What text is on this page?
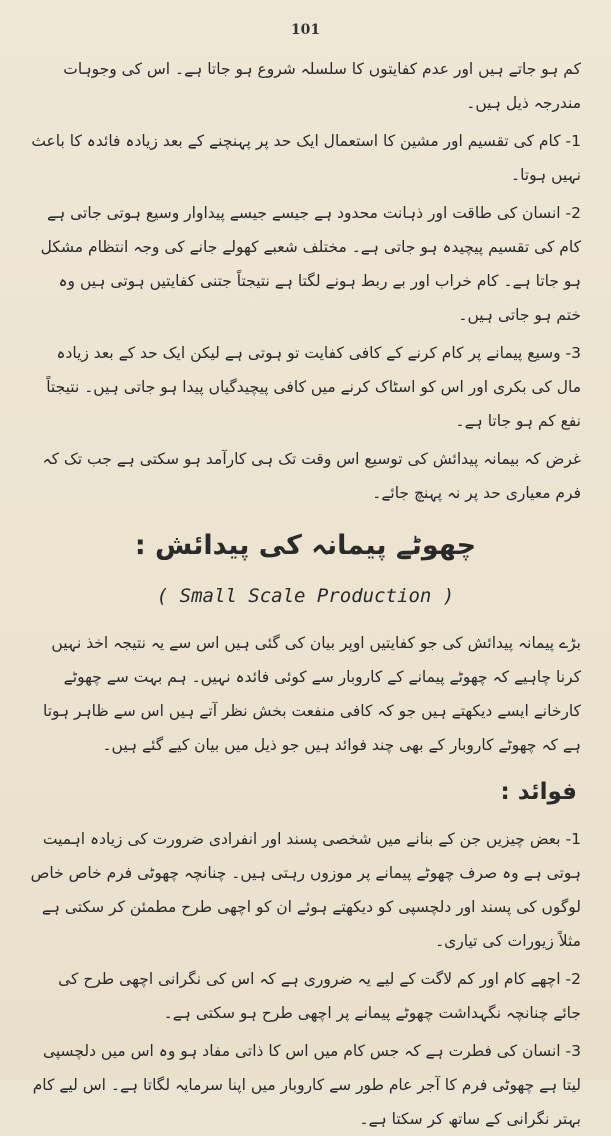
101

کم ہو جاتے ہیں اور عدم کفایتوں کا سلسلہ شروع ہو جاتا ہے۔ اس کی وجوہات مندرجہ ذیل ہیں۔

1- کام کی تقسیم اور مشین کا استعمال ایک حد پر پہنچنے کے بعد زیادہ فائدہ کا باعث نہیں ہوتا۔

2- انسان کی طاقت اور ذہانت محدود ہے جیسے جیسے پیداوار وسیع ہوتی جاتی ہے کام کی تقسیم پیچیدہ ہو جاتی ہے۔ مختلف شعبے کھولے جانے کی وجہ انتظام مشکل ہو جاتا ہے۔ کام خراب اور بے ربط ہونے لگتا ہے نتیجتاً جتنی کفایتیں ہوتی ہیں وہ ختم ہو جاتی ہیں۔

3- وسیع پیمانے پر کام کرنے کے کافی کفایت تو ہوتی ہے لیکن ایک حد کے بعد زیادہ مال کی بکری اور اس کو اسٹاک کرنے میں کافی پیچیدگیاں پیدا ہو جاتی ہیں۔ نتیجتاً نفع کم ہو جاتا ہے۔

غرض کہ بیمانہ پیدائش کی توسیع اس وقت تک ہی کارآمد ہو سکتی ہے جب تک کہ فرم معیاری حد پر نہ پہنچ جائے۔

چھوٹے پیمانہ کی پیدائش :
( Small Scale Production )

بڑے پیمانہ پیدائش کی جو کفایتیں اوپر بیان کی گئی ہیں اس سے یہ نتیجہ اخذ نہیں کرنا چاہیے کہ چھوٹے پیمانے کے کاروبار سے کوئی فائدہ نہیں۔ ہم بہت سے چھوٹے کارخانے ایسے دیکھتے ہیں جو کہ کافی منفعت بخش نظر آتے ہیں اس سے ظاہر ہوتا ہے کہ چھوٹے کاروبار کے بھی چند فوائد ہیں جو ذیل میں بیان کیے گئے ہیں۔

فوائد :

1- بعض چیزیں جن کے بنانے میں شخصی پسند اور انفرادی ضرورت کی زیادہ اہمیت ہوتی ہے وہ صرف چھوٹے پیمانے پر موزوں رہتی ہیں۔ چنانچہ چھوٹی فرم خاص خاص لوگوں کی پسند اور دلچسپی کو دیکھتے ہوئے ان کو اچھی طرح مطمئن کر سکتی ہے مثلاً زیورات کی تیاری۔

2- اچھے کام اور کم لاگت کے لیے یہ ضروری ہے کہ اس کی نگرانی اچھی طرح کی جائے چنانچہ نگہداشت چھوٹے پیمانے پر اچھی طرح ہو سکتی ہے۔

3- انسان کی فطرت ہے کہ جس کام میں اس کا ذاتی مفاد ہو وہ اس میں دلچسپی لیتا ہے چھوٹی فرم کا آجر عام طور سے کاروبار میں اپنا سرمایہ لگاتا ہے۔ اس لیے کام بہتر نگرانی کے ساتھ کر سکتا ہے۔
